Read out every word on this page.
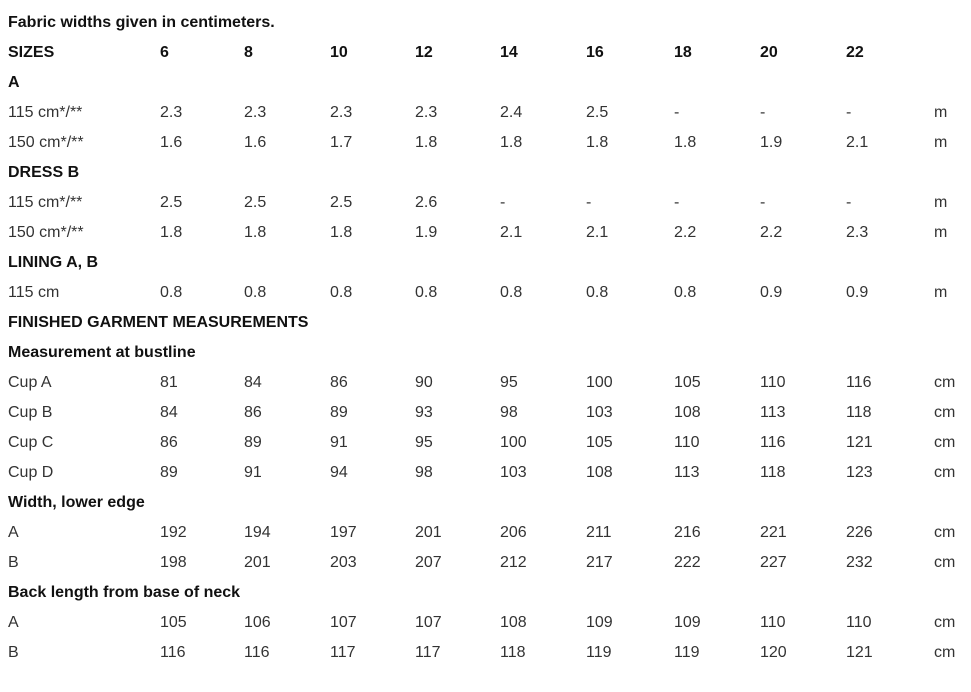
Fabric widths given in centimeters.
SIZES	6	8	10	12	14	16	18	20	22
A
115 cm*/**	2.3	2.3	2.3	2.3	2.4	2.5	-	-	-	m
150 cm*/**	1.6	1.6	1.7	1.8	1.8	1.8	1.8	1.9	2.1	m
DRESS B
115 cm*/**	2.5	2.5	2.5	2.6	-	-	-	-	-	m
150 cm*/**	1.8	1.8	1.8	1.9	2.1	2.1	2.2	2.2	2.3	m
LINING A, B
115 cm	0.8	0.8	0.8	0.8	0.8	0.8	0.8	0.9	0.9	m
FINISHED GARMENT MEASUREMENTS
Measurement at bustline
Cup A	81	84	86	90	95	100	105	110	116	cm
Cup B	84	86	89	93	98	103	108	113	118	cm
Cup C	86	89	91	95	100	105	110	116	121	cm
Cup D	89	91	94	98	103	108	113	118	123	cm
Width, lower edge
A	192	194	197	201	206	211	216	221	226	cm
B	198	201	203	207	212	217	222	227	232	cm
Back length from base of neck
A	105	106	107	107	108	109	109	110	110	cm
B	116	116	117	117	118	119	119	120	121	cm
